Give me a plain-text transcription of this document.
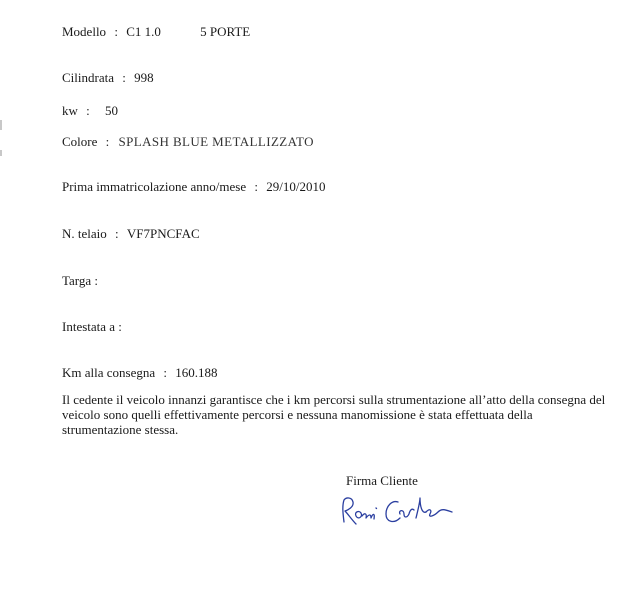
Modello : C1 1.0	5 PORTE
Cilindrata : 998
kw : 50
Colore : SPLASH BLUE METALLIZZATO
Prima immatricolazione anno/mese : 29/10/2010
N. telaio : VF7PNCFAC
Targa :
Intestata a :
Km alla consegna : 160.188

Il cedente il veicolo innanzi garantisce che i km percorsi sulla strumentazione all’atto della consegna del veicolo sono quelli effettivamente percorsi e nessuna manomissione è stata effettuata della strumentazione stessa.

Firma Cliente
